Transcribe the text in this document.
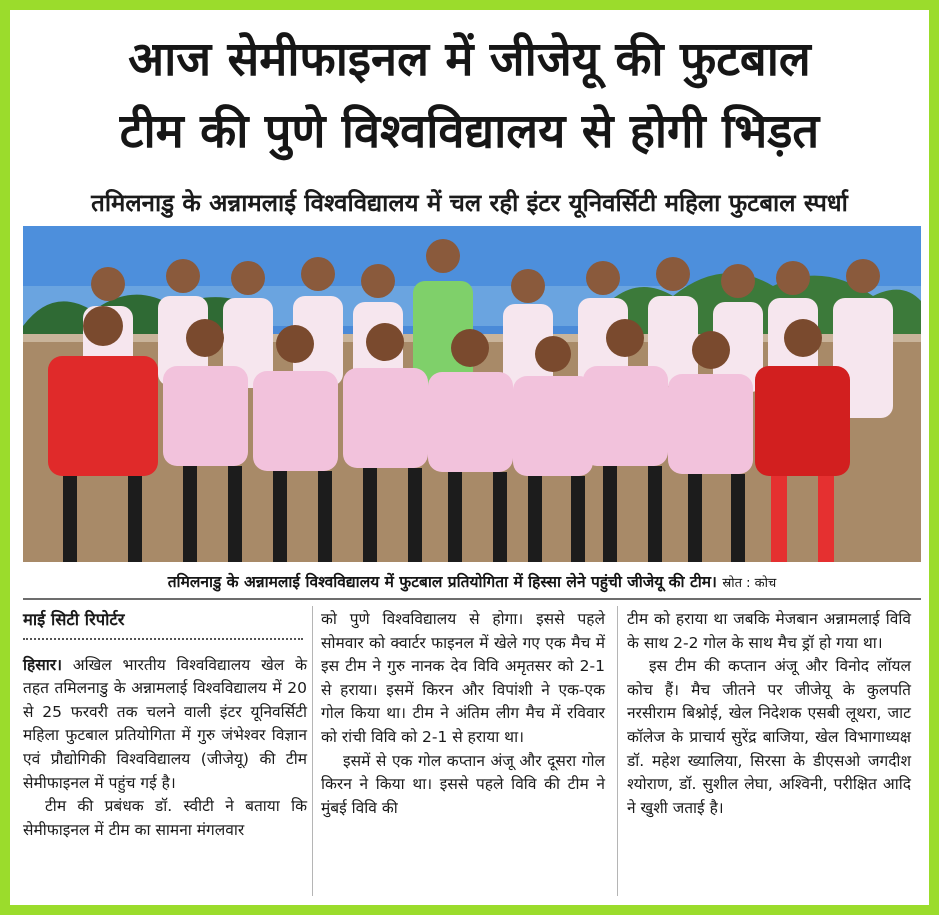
आज सेमीफाइनल में जीजेयू की फुटबाल
टीम की पुणे विश्वविद्यालय से होगी भिड़त
तमिलनाडु के अन्नामलाई विश्वविद्यालय में चल रही इंटर यूनिवर्सिटी महिला फुटबाल स्पर्धा
तमिलनाडु के अन्नामलाई विश्वविद्यालय में फुटबाल प्रतियोगिता में हिस्सा लेने पहुंची जीजेयू की टीम। स्रोत : कोच
माई सिटी रिपोर्टर

हिसार। अखिल भारतीय विश्वविद्यालय खेल के तहत तमिलनाडु के अन्नामलाई विश्वविद्यालय में 20 से 25 फरवरी तक चलने वाली इंटर यूनिवर्सिटी महिला फुटबाल प्रतियोगिता में गुरु जंभेश्वर विज्ञान एवं प्रौद्योगिकी विश्वविद्यालय (जीजेयू) की टीम सेमीफाइनल में पहुंच गई है।

टीम की प्रबंधक डॉ. स्वीटी ने बताया कि सेमीफाइनल में टीम का सामना मंगलवार

को पुणे विश्वविद्यालय से होगा। इससे पहले सोमवार को क्वार्टर फाइनल में खेले गए एक मैच में इस टीम ने गुरु नानक देव विवि अमृतसर को 2-1 से हराया। इसमें किरन और विपांशी ने एक-एक गोल किया था। टीम ने अंतिम लीग मैच में रविवार को रांची विवि को 2-1 से हराया था।

इसमें से एक गोल कप्तान अंजू और दूसरा गोल किरन ने किया था। इससे पहले विवि की टीम ने मुंबई विवि की

टीम को हराया था जबकि मेजबान अन्नामलाई विवि के साथ 2-2 गोल के साथ मैच ड्रॉ हो गया था।

इस टीम की कप्तान अंजू और विनोद लॉयल कोच हैं। मैच जीतने पर जीजेयू के कुलपति नरसीराम बिश्नोई, खेल निदेशक एसबी लूथरा, जाट कॉलेज के प्राचार्य सुरेंद्र बाजिया, खेल विभागाध्यक्ष डॉ. महेश ख्यालिया, सिरसा के डीएसओ जगदीश श्योराण, डॉ. सुशील लेघा, अश्विनी, परीक्षित आदि ने खुशी जताई है।
